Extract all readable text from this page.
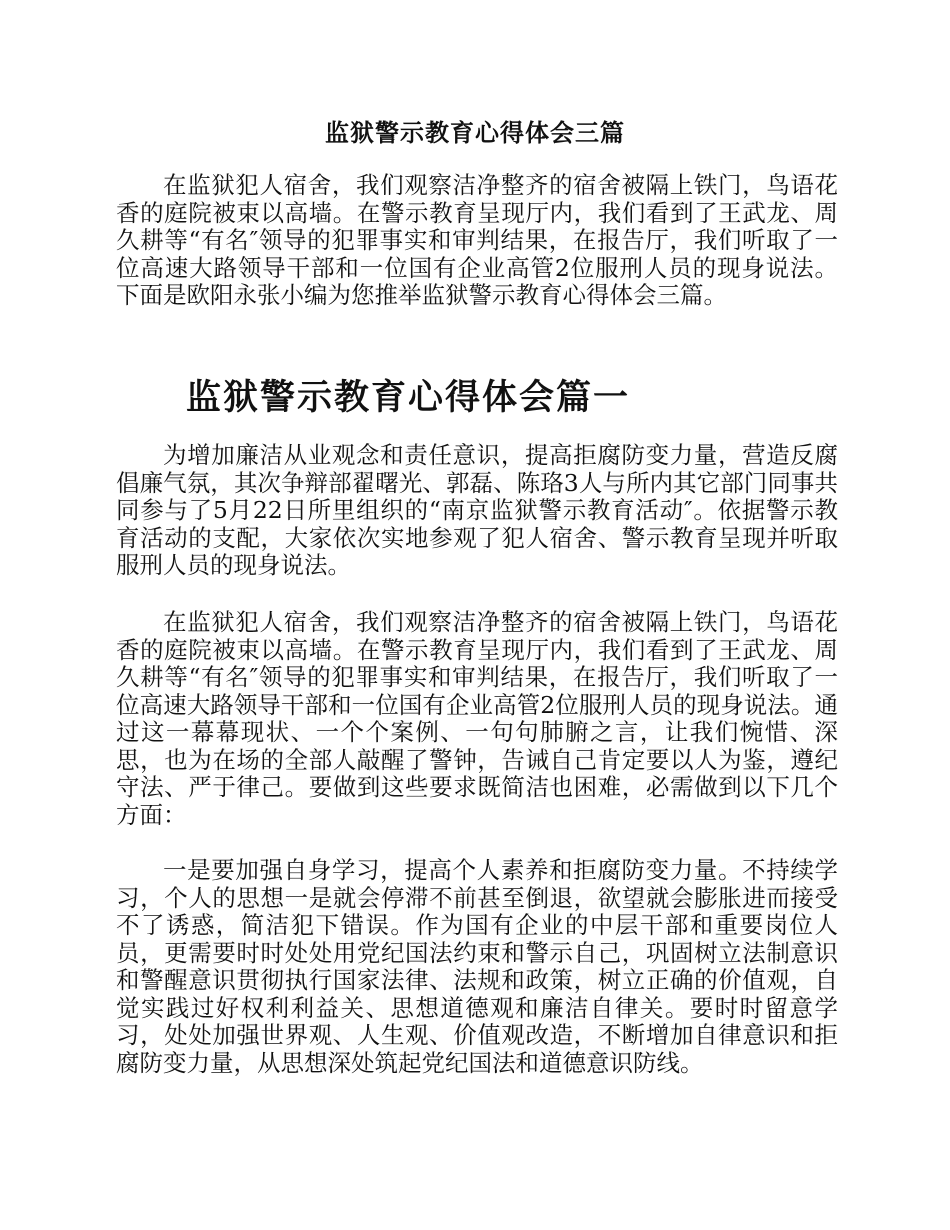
监狱警示教育心得体会三篇

在监狱犯人宿舍，我们观察洁净整齐的宿舍被隔上铁门，鸟语花香的庭院被束以高墙。在警示教育呈现厅内，我们看到了王武龙、周久耕等“有名″领导的犯罪事实和审判结果，在报告厅，我们听取了一位高速大路领导干部和一位国有企业高管2位服刑人员的现身说法。 下面是欧阳永张小编为您推举监狱警示教育心得体会三篇。

监狱警示教育心得体会篇一

为增加廉洁从业观念和责任意识，提高拒腐防变力量，营造反腐倡廉气氛，其次争辩部翟曙光、郭磊、陈珞3人与所内其它部门同事共同参与了5月22日所里组织的“南京监狱警示教育活动″。依据警示教育活动的支配，大家依次实地参观了犯人宿舍、警示教育呈现并听取服刑人员的现身说法。

在监狱犯人宿舍，我们观察洁净整齐的宿舍被隔上铁门，鸟语花香的庭院被束以高墙。在警示教育呈现厅内，我们看到了王武龙、周久耕等“有名″领导的犯罪事实和审判结果，在报告厅，我们听取了一位高速大路领导干部和一位国有企业高管2位服刑人员的现身说法。通过这一幕幕现状、一个个案例、一句句肺腑之言，让我们惋惜、深思，也为在场的全部人敲醒了警钟，告诫自己肯定要以人为鉴，遵纪守法、严于律己。要做到这些要求既简洁也困难，必需做到以下几个方面：

一是要加强自身学习，提高个人素养和拒腐防变力量。不持续学习，个人的思想一是就会停滞不前甚至倒退，欲望就会膨胀进而接受不了诱惑，简洁犯下错误。作为国有企业的中层干部和重要岗位人员，更需要时时处处用党纪国法约束和警示自己，巩固树立法制意识和警醒意识贯彻执行国家法律、法规和政策，树立正确的价值观，自觉实践过好权利利益关、思想道德观和廉洁自律关。要时时留意学习，处处加强世界观、人生观、价值观改造，不断增加自律意识和拒腐防变力量，从思想深处筑起党纪国法和道德意识防线。
